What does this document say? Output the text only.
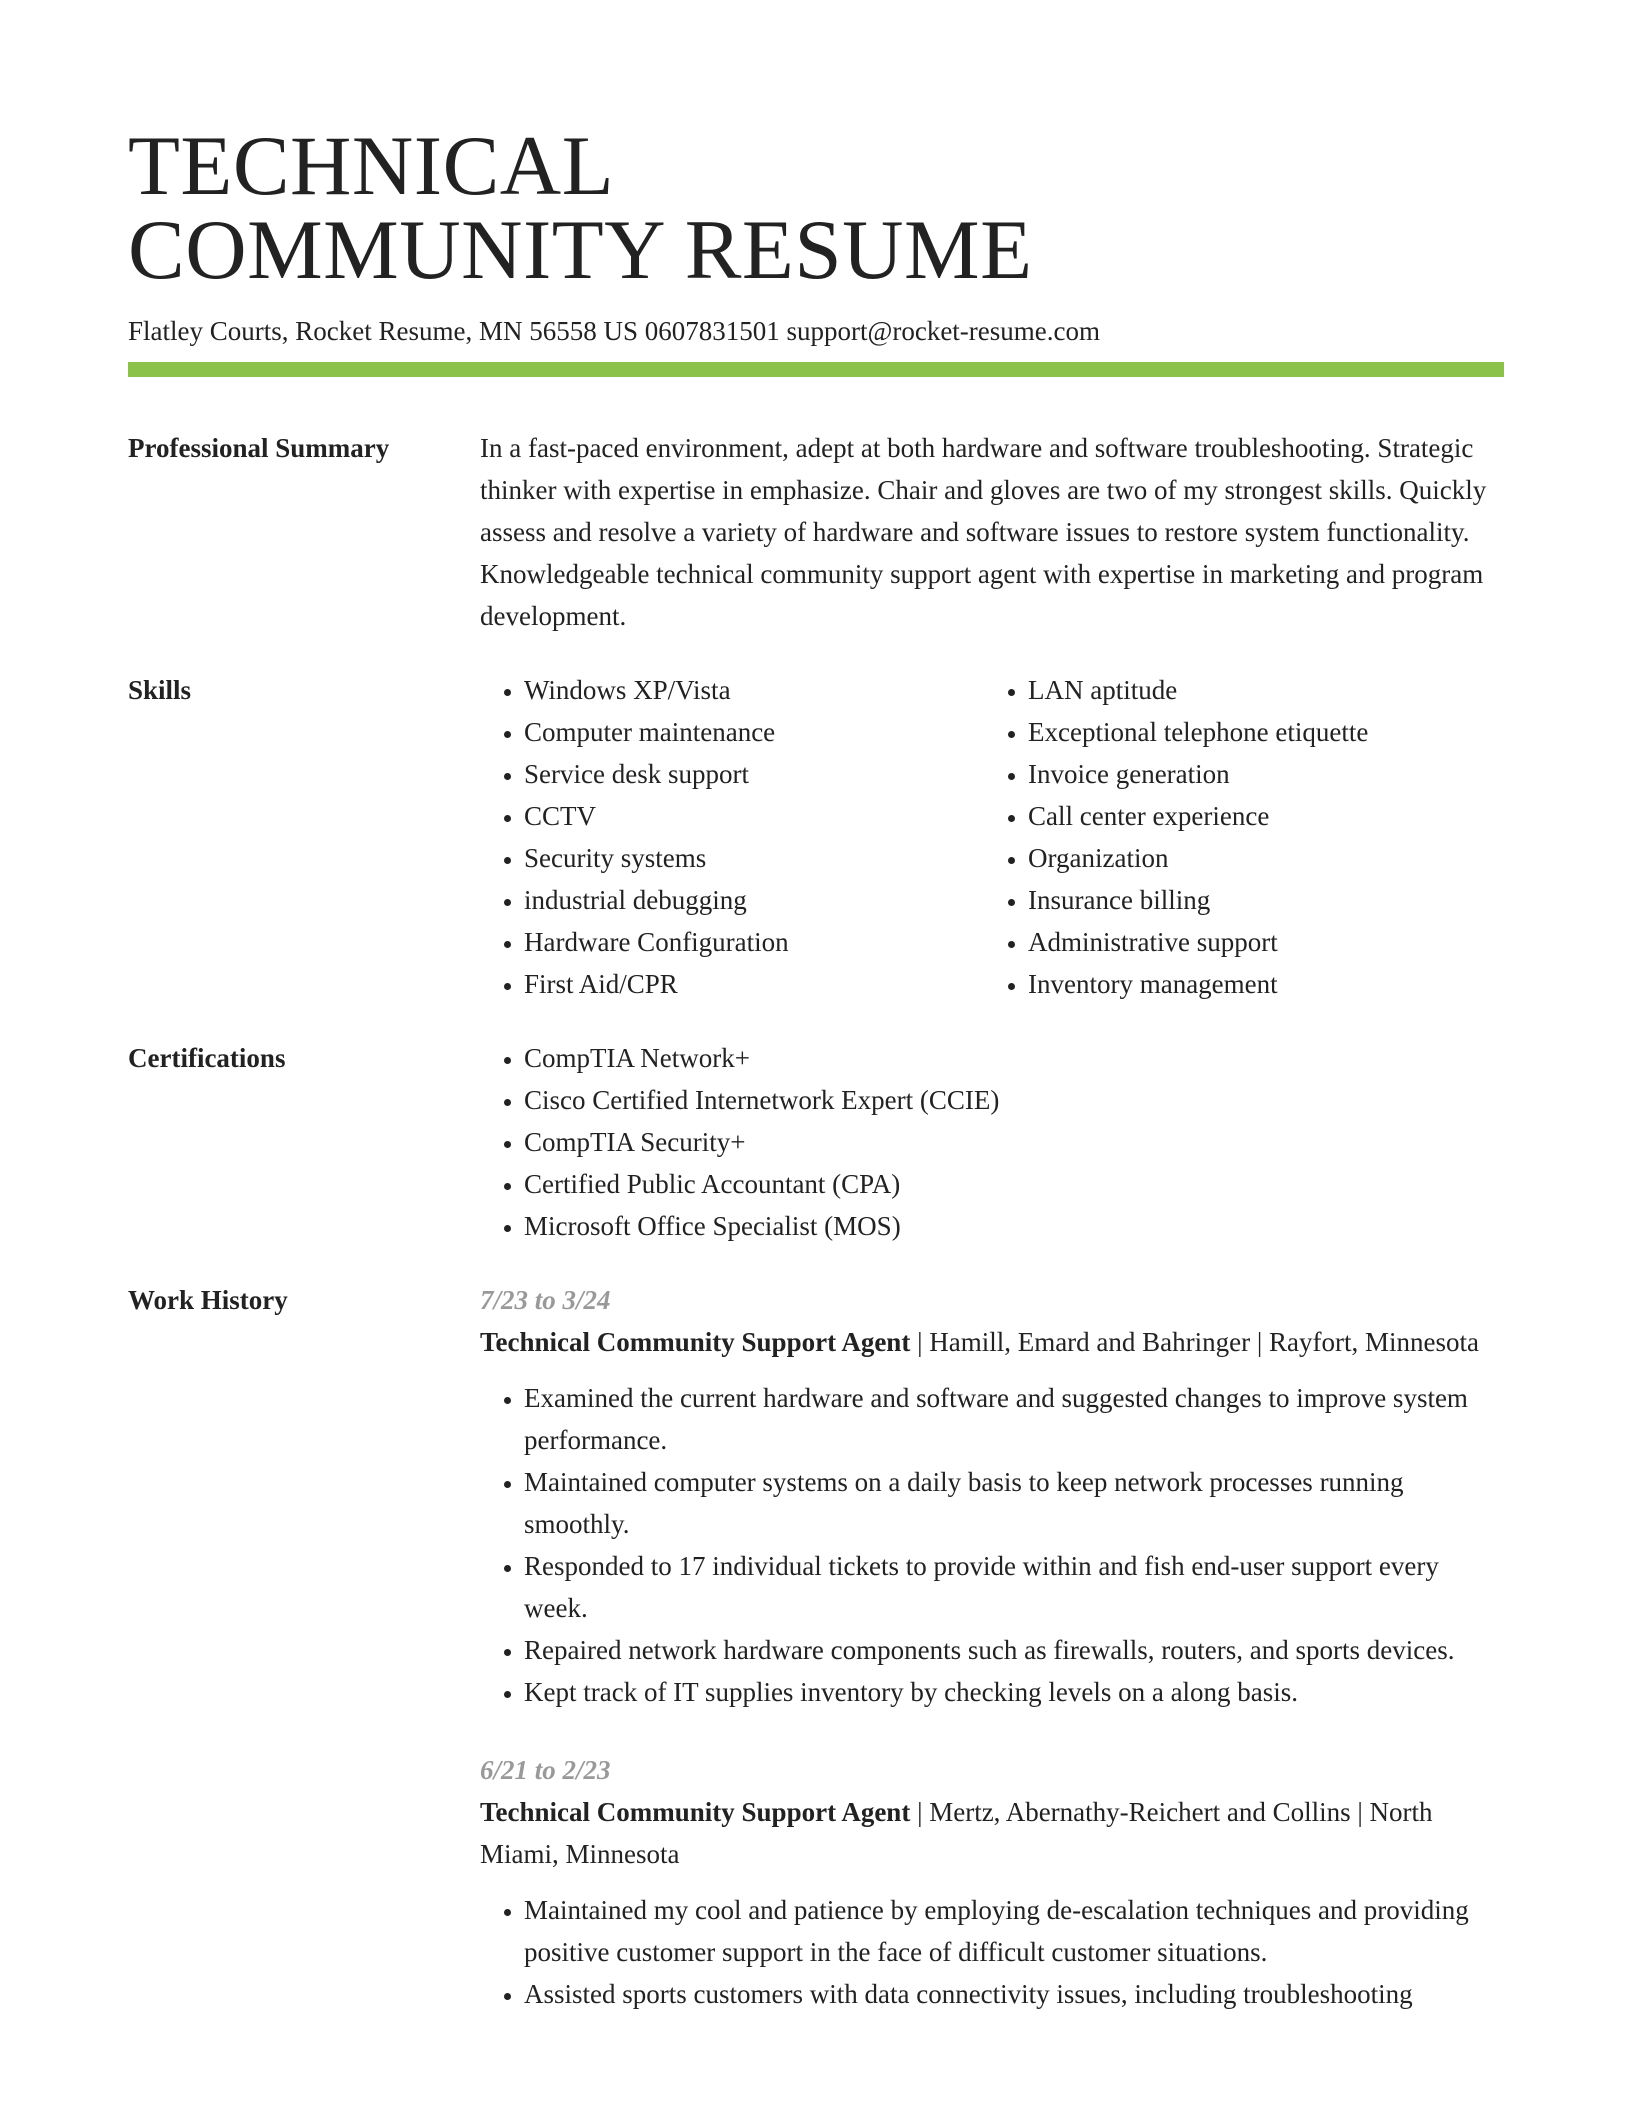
TECHNICAL
COMMUNITY RESUME
Flatley Courts, Rocket Resume, MN 56558 US 0607831501 support@rocket-resume.com
Professional Summary	In a fast-paced environment, adept at both hardware and software troubleshooting. Strategic thinker with expertise in emphasize. Chair and gloves are two of my strongest skills. Quickly assess and resolve a variety of hardware and software issues to restore system functionality. Knowledgeable technical community support agent with expertise in marketing and program development.
Skills	• Windows XP/Vista
• Computer maintenance
• Service desk support
• CCTV
• Security systems
• industrial debugging
• Hardware Configuration
• First Aid/CPR
• LAN aptitude
• Exceptional telephone etiquette
• Invoice generation
• Call center experience
• Organization
• Insurance billing
• Administrative support
• Inventory management
Certifications	• CompTIA Network+
• Cisco Certified Internetwork Expert (CCIE)
• CompTIA Security+
• Certified Public Accountant (CPA)
• Microsoft Office Specialist (MOS)
Work History	7/23 to 3/24
Technical Community Support Agent | Hamill, Emard and Bahringer | Rayfort, Minnesota
• Examined the current hardware and software and suggested changes to improve system performance.
• Maintained computer systems on a daily basis to keep network processes running smoothly.
• Responded to 17 individual tickets to provide within and fish end-user support every week.
• Repaired network hardware components such as firewalls, routers, and sports devices.
• Kept track of IT supplies inventory by checking levels on a along basis.
6/21 to 2/23
Technical Community Support Agent | Mertz, Abernathy-Reichert and Collins | North Miami, Minnesota
• Maintained my cool and patience by employing de-escalation techniques and providing positive customer support in the face of difficult customer situations.
• Assisted sports customers with data connectivity issues, including troubleshooting
